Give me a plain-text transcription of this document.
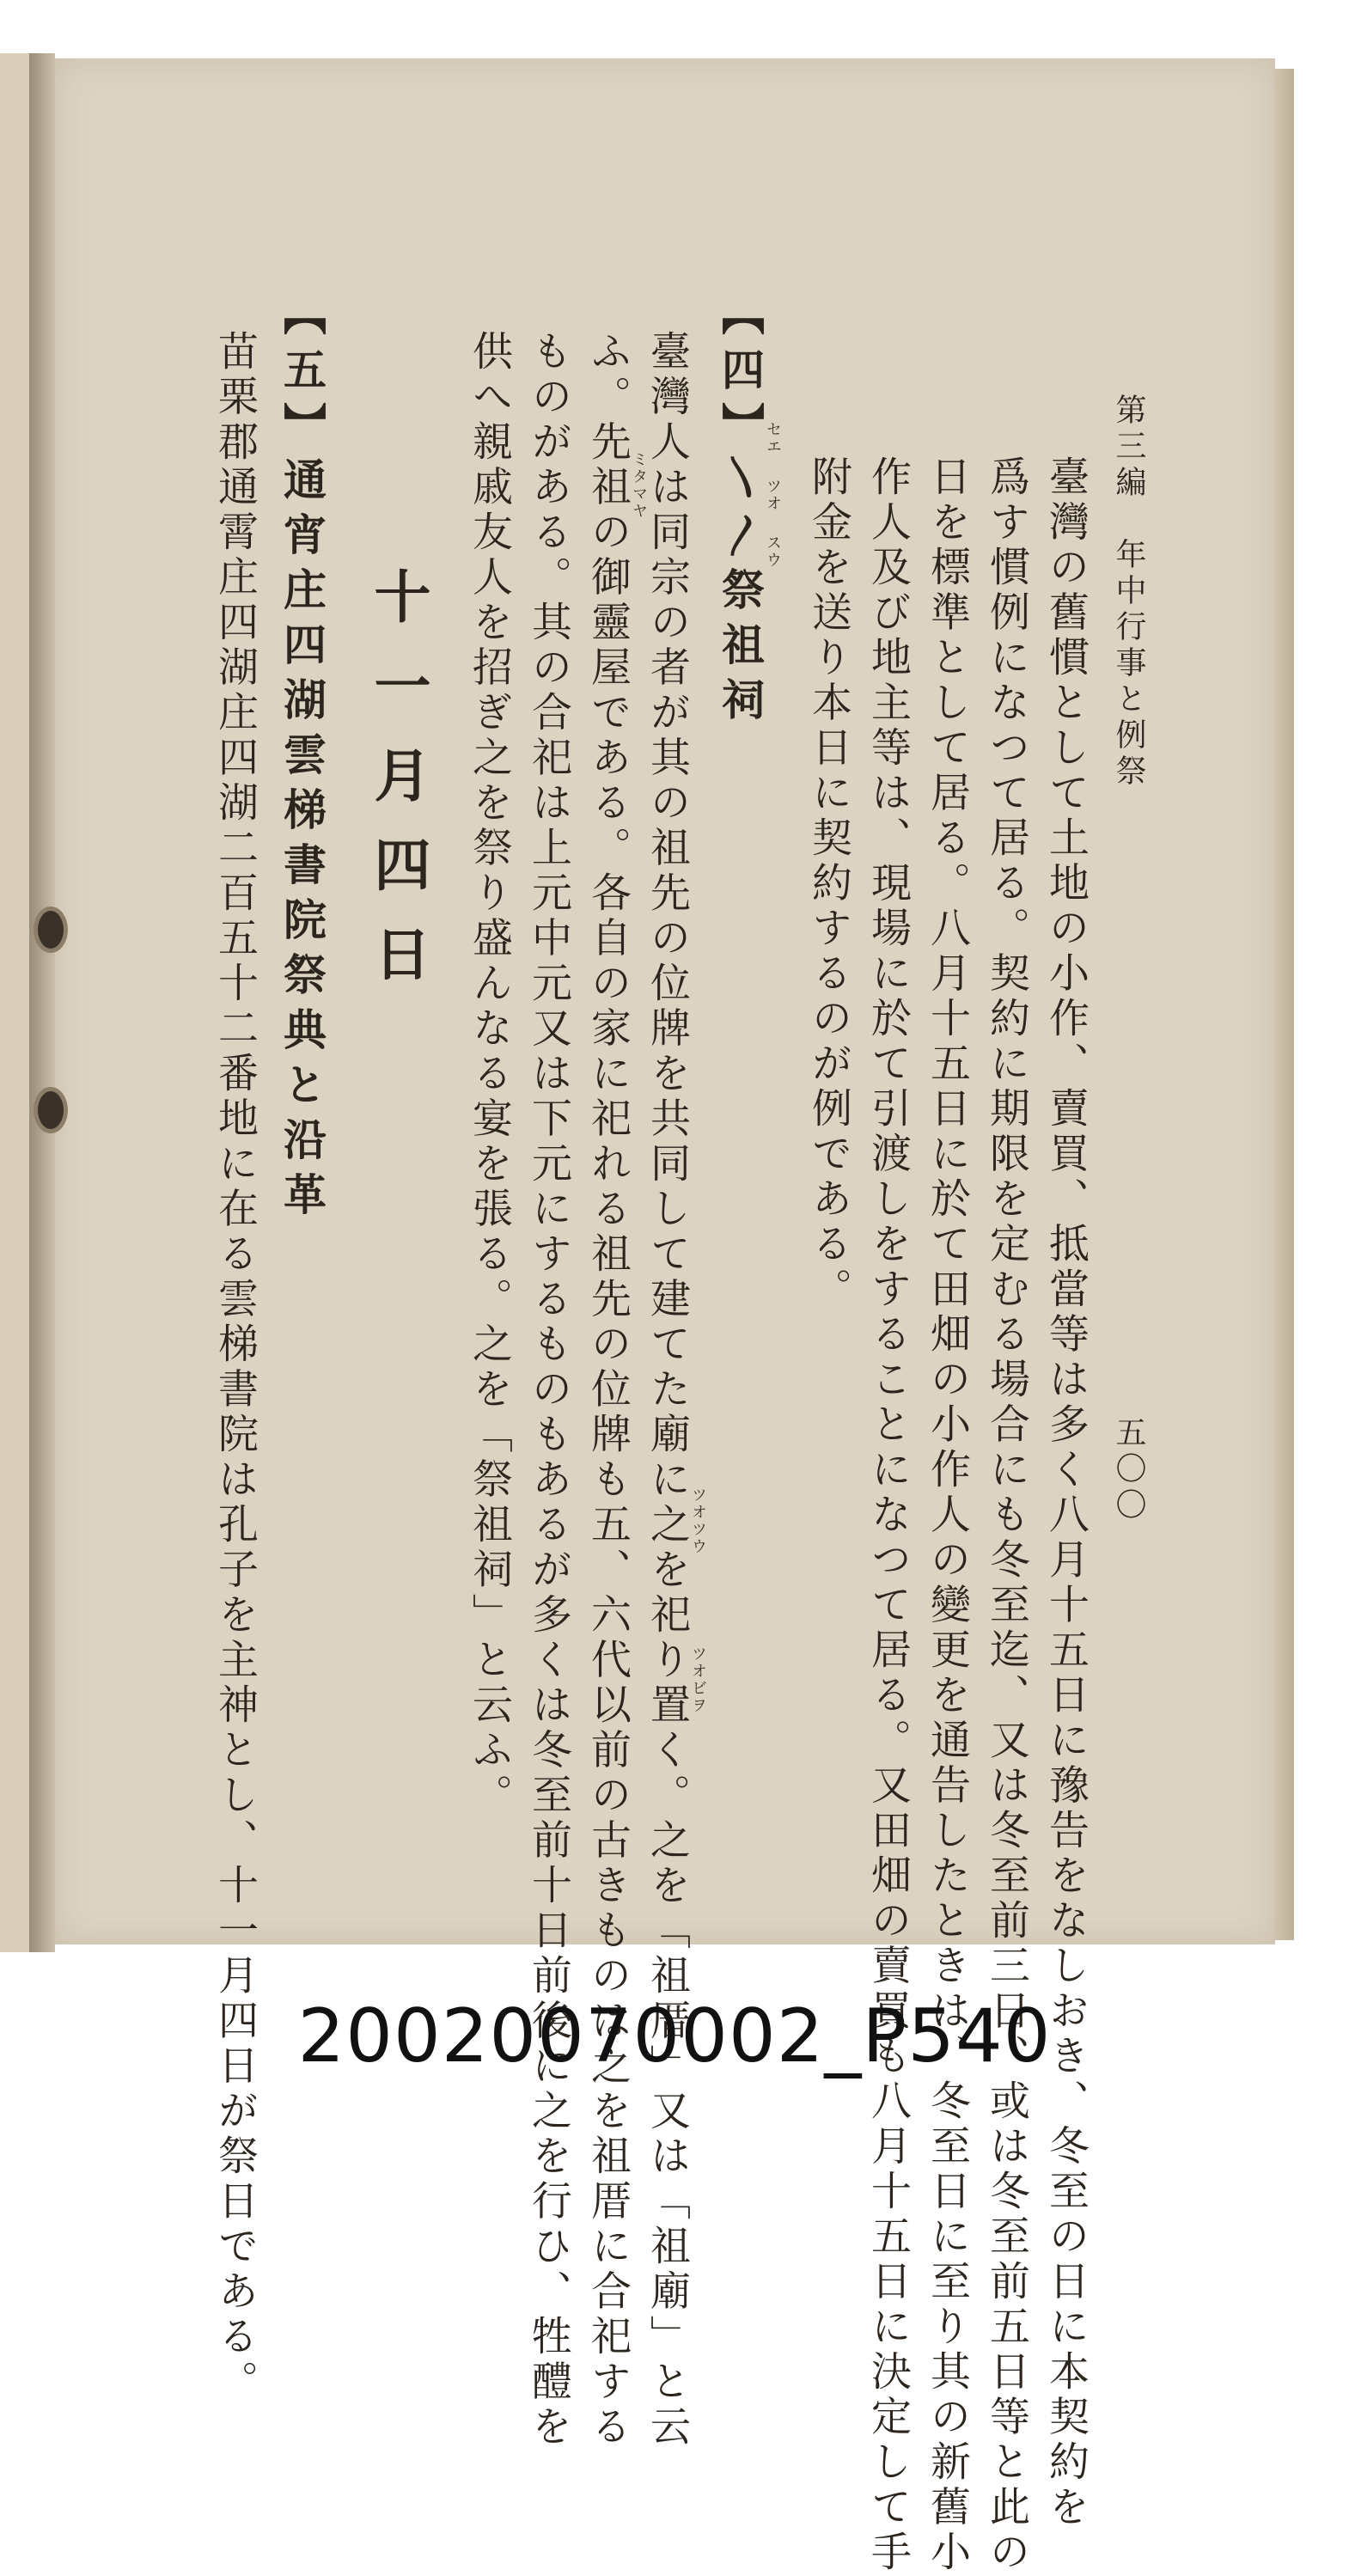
第三編　年中行事と例祭
五〇〇
臺灣の舊慣として土地の小作、賣買、抵當等は多く八月十五日に豫告をなしおき、冬至の日に本契約を
爲す慣例になつて居る。契約に期限を定むる場合にも冬至迄、又は冬至前三日、或は冬至前五日等と此の
日を標準として居る。八月十五日に於て田畑の小作人の變更を通告したときは、冬至日に至り其の新舊小
作人及び地主等は、現場に於て引渡しをすることになつて居る。又田畑の賣買も八月十五日に決定して手
附金を送り本日に契約するのが例である。
【四】〵〳祭祖祠
セエ
ツオ
スウ
臺灣人は同宗の者が其の祖先の位牌を共同して建てた廟に之を祀り置く。之を「祖厝」又は「祖廟」と云
ふ。先祖の御靈屋である。各自の家に祀れる祖先の位牌も五、六代以前の古きものは之を祖厝に合祀する
ものがある。其の合祀は上元中元又は下元にするものもあるが多くは冬至前十日前後に之を行ひ、牲醴を
供へ親戚友人を招ぎ之を祭り盛んなる宴を張る。之を「祭祖祠」と云ふ。	ツオツウ
ツオビヲ
ミタマヤ
十一月四日
【五】通宵庄四湖雲梯書院祭典と沿革
苗栗郡通霄庄四湖庄四湖二百五十二番地に在る雲梯書院は孔子を主神とし、十一月四日が祭日である。 20020070002_P540
